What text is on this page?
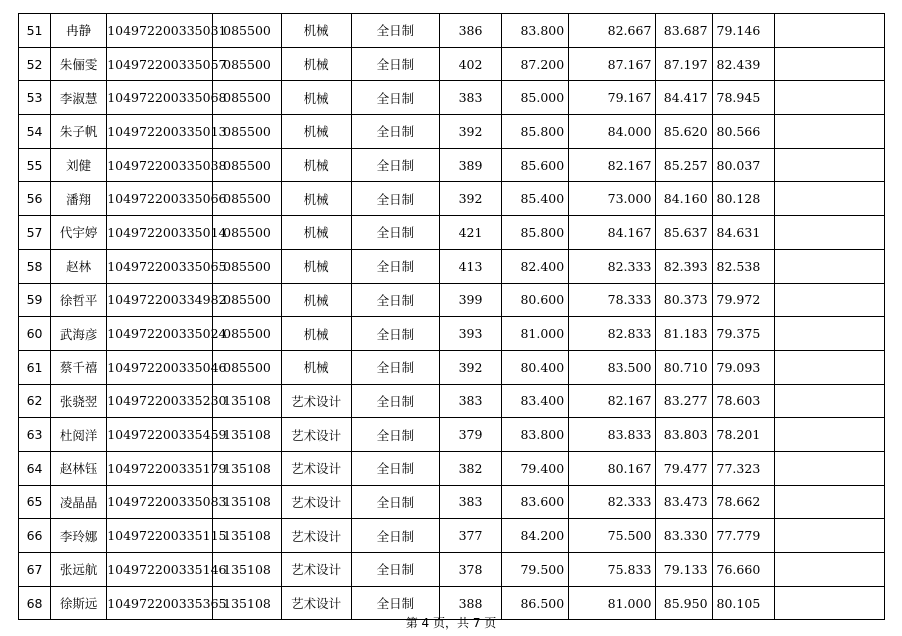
51	冉静	104972200335031	085500	机械	全日制	386	83.800	82.667	83.687	79.146	
52	朱俪雯	104972200335057	085500	机械	全日制	402	87.200	87.167	87.197	82.439	
53	李淑慧	104972200335068	085500	机械	全日制	383	85.000	79.167	84.417	78.945	
54	朱子帆	104972200335013	085500	机械	全日制	392	85.800	84.000	85.620	80.566	
55	刘健	104972200335038	085500	机械	全日制	389	85.600	82.167	85.257	80.037	
56	潘翔	104972200335066	085500	机械	全日制	392	85.400	73.000	84.160	80.128	
57	代宇婷	104972200335014	085500	机械	全日制	421	85.800	84.167	85.637	84.631	
58	赵林	104972200335065	085500	机械	全日制	413	82.400	82.333	82.393	82.538	
59	徐哲平	104972200334982	085500	机械	全日制	399	80.600	78.333	80.373	79.972	
60	武海彦	104972200335024	085500	机械	全日制	393	81.000	82.833	81.183	79.375	
61	蔡千禧	104972200335046	085500	机械	全日制	392	80.400	83.500	80.710	79.093	
62	张骁翌	104972200335230	135108	艺术设计	全日制	383	83.400	82.167	83.277	78.603	
63	杜阅洋	104972200335459	135108	艺术设计	全日制	379	83.800	83.833	83.803	78.201	
64	赵林钰	104972200335179	135108	艺术设计	全日制	382	79.400	80.167	79.477	77.323	
65	凌晶晶	104972200335083	135108	艺术设计	全日制	383	83.600	82.333	83.473	78.662	
66	李玲娜	104972200335115	135108	艺术设计	全日制	377	84.200	75.500	83.330	77.779	
67	张远航	104972200335146	135108	艺术设计	全日制	378	79.500	75.833	79.133	76.660	
68	徐斯远	104972200335365	135108	艺术设计	全日制	388	86.500	81.000	85.950	80.105	
第 4 页，共 7 页
